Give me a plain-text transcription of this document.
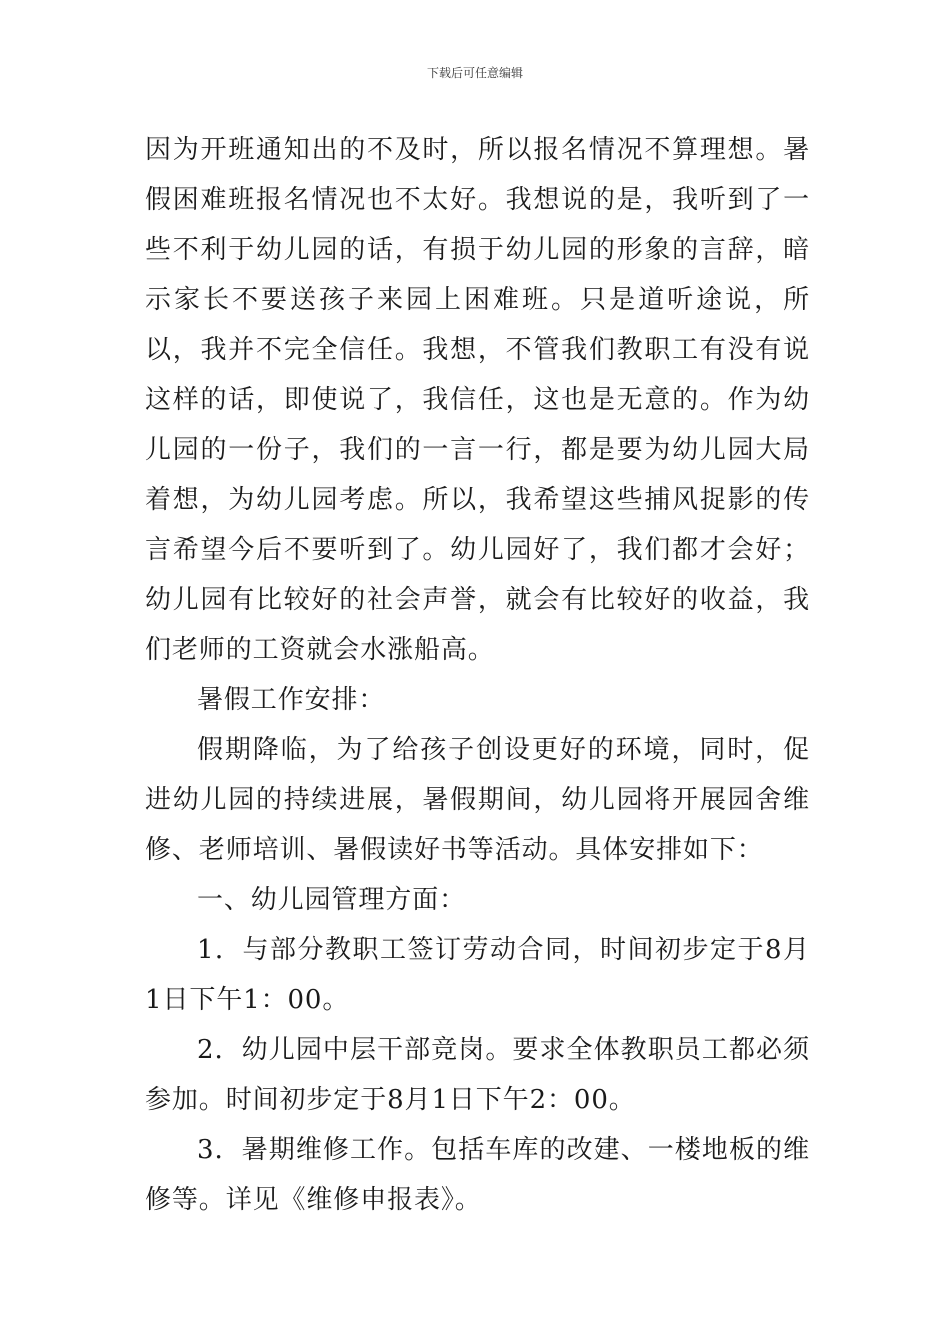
下载后可任意编辑

因为开班通知出的不及时，所以报名情况不算理想。暑假困难班报名情况也不太好。我想说的是，我听到了一些不利于幼儿园的话，有损于幼儿园的形象的言辞，暗示家长不要送孩子来园上困难班。只是道听途说，所以，我并不完全信任。我想，不管我们教职工有没有说这样的话，即使说了，我信任，这也是无意的。作为幼儿园的一份子，我们的一言一行，都是要为幼儿园大局着想，为幼儿园考虑。所以，我希望这些捕风捉影的传言希望今后不要听到了。幼儿园好了，我们都才会好；幼儿园有比较好的社会声誉，就会有比较好的收益，我们老师的工资就会水涨船高。

暑假工作安排：

假期降临，为了给孩子创设更好的环境，同时，促进幼儿园的持续进展，暑假期间，幼儿园将开展园舍维修、老师培训、暑假读好书等活动。具体安排如下：

一、幼儿园管理方面：

1．与部分教职工签订劳动合同，时间初步定于8月1日下午1：00。

2．幼儿园中层干部竞岗。要求全体教职员工都必须参加。时间初步定于8月1日下午2：00。

3．暑期维修工作。包括车库的改建、一楼地板的维修等。详见《维修申报表》。
